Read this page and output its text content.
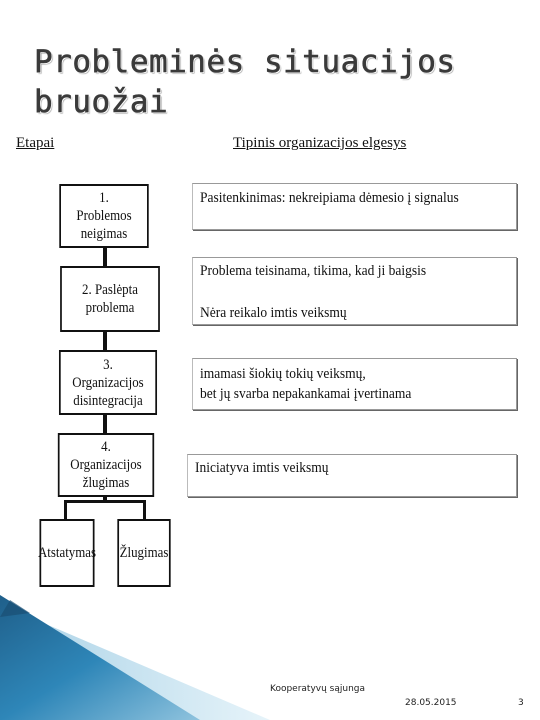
Probleminės situacijos bruožai
Etapai	Tipinis organizacijos elgesys
1.
Problemos
neigimas
2. Paslėpta
problema
3.
Organizacijos
disintegracija
4.
Organizacijos
žlugimas
Atstatymas Žlugimas
Pasitenkinimas: nekreipiama dėmesio į signalus
Problema teisinama, tikima, kad ji baigsis
Nėra reikalo imtis veiksmų
imamasi šiokių tokių veiksmų,
bet jų svarba nepakankamai įvertinama
Iniciatyva imtis veiksmų
Kooperatyvų sąjunga
28.05.2015	3
